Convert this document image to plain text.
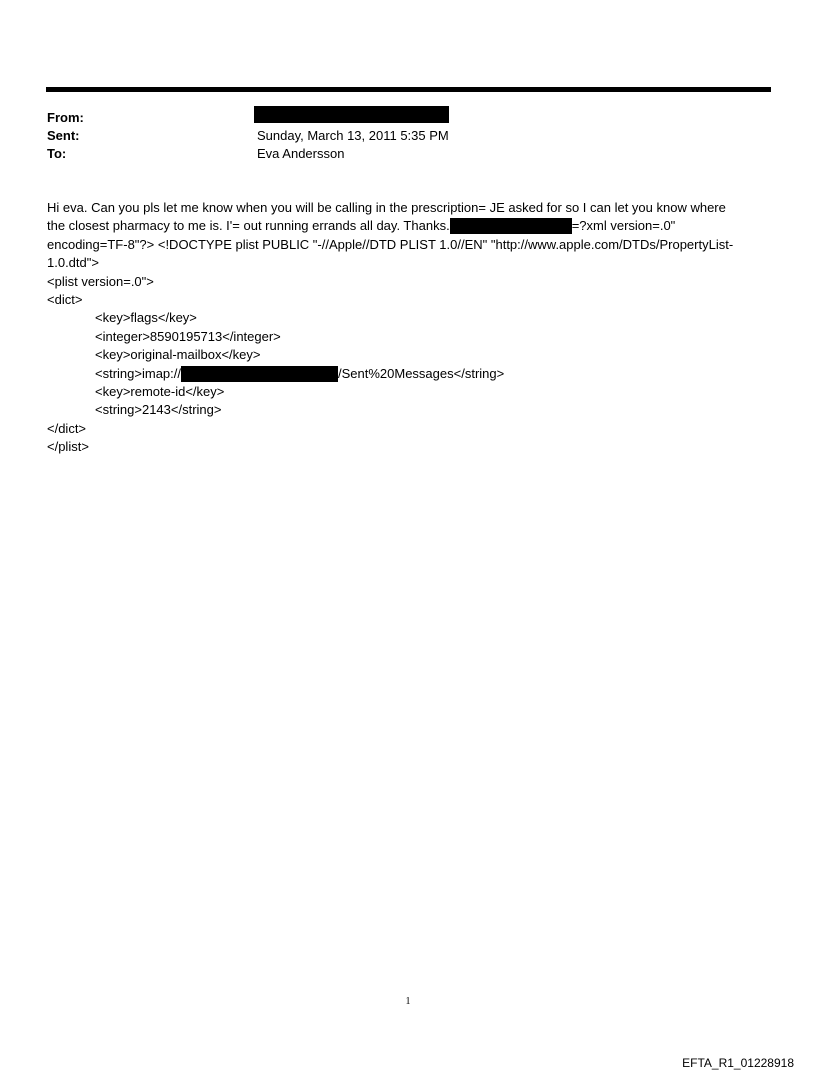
From:
Sent:	Sunday, March 13, 2011 5:35 PM
To:	Eva Andersson

Hi eva. Can you pls let me know when you will be calling in the prescription= JE asked for so I can let you know where

the closest pharmacy to me is. I'= out running errands all day. Thanks.	=?xml version=.0"

encoding=TF-8"?> <!DOCTYPE plist PUBLIC "-//Apple//DTD PLIST 1.0//EN" "http://www.apple.com/DTDs/PropertyList-

1.0.dtd">

<plist version=.0">

<dict>

<key>flags</key>

<integer>8590195713</integer>

<key>original-mailbox</key>

<string>imap://	/Sent%20Messages</string>

<key>remote-id</key>

<string>2143</string>

</dict>

</plist>

1
EFTA_R1_01228918
